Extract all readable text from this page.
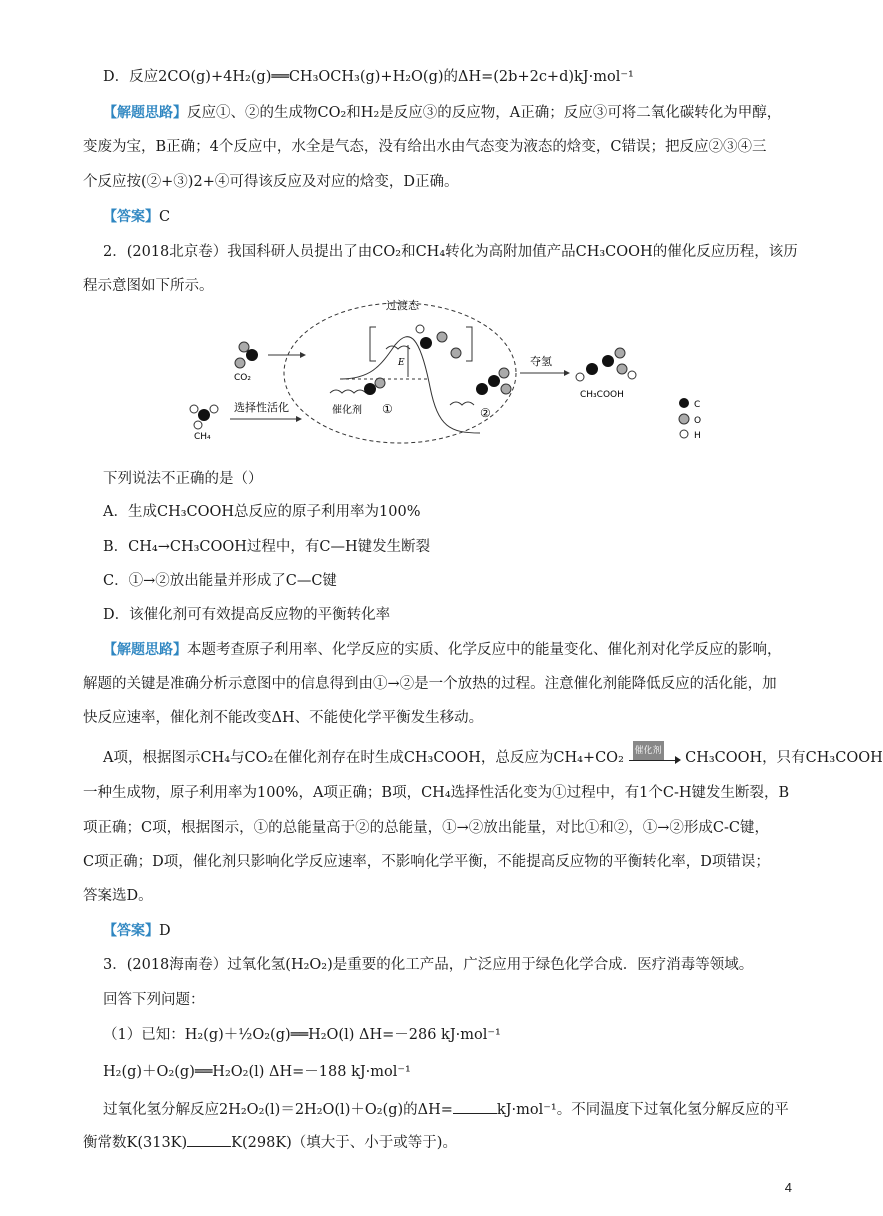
D．反应2CO(g)+4H₂(g)══CH₃OCH₃(g)+H₂O(g)的ΔH=(2b+2c+d)kJ·mol⁻¹
【解题思路】反应①、②的生成物CO₂和H₂是反应③的反应物，A正确；反应③可将二氧化碳转化为甲醇，
变废为宝，B正确；4个反应中，水全是气态，没有给出水由气态变为液态的焓变，C错误；把反应②③④三
个反应按(②+③)2+④可得该反应及对应的焓变，D正确。
【答案】C
2．(2018北京卷）我国科研人员提出了由CO₂和CH₄转化为高附加值产品CH₃COOH的催化反应历程，该历
程示意图如下所示。
过渡态
CO₂
CH₄
选择性活化
E
催化剂 ①	②
夺氢
CH₃COOH
C
O
H
下列说法不正确的是（）
A．生成CH₃COOH总反应的原子利用率为100%
B．CH₄→CH₃COOH过程中，有C—H键发生断裂
C．①→②放出能量并形成了C—C键
D．该催化剂可有效提高反应物的平衡转化率
【解题思路】本题考查原子利用率、化学反应的实质、化学反应中的能量变化、催化剂对化学反应的影响，
解题的关键是准确分析示意图中的信息得到由①→②是一个放热的过程。注意催化剂能降低反应的活化能，加
快反应速率，催化剂不能改变ΔH、不能使化学平衡发生移动。
A项，根据图示CH₄与CO₂在催化剂存在时生成CH₃COOH，总反应为CH₄+CO₂ 催化剂 CH₃COOH，只有CH₃COOH
一种生成物，原子利用率为100%，A项正确；B项，CH₄选择性活化变为①过程中，有1个C-H键发生断裂，B
项正确；C项，根据图示，①的总能量高于②的总能量，①→②放出能量，对比①和②，①→②形成C-C键，
C项正确；D项，催化剂只影响化学反应速率，不影响化学平衡，不能提高反应物的平衡转化率，D项错误；
答案选D。
【答案】D
3．(2018海南卷）过氧化氢(H₂O₂)是重要的化工产品，广泛应用于绿色化学合成．医疗消毒等领域。
回答下列问题：
（1）已知：H₂(g)＋½O₂(g)══H₂O(l) ΔH=－286 kJ·mol⁻¹
H₂(g)＋O₂(g)══H₂O₂(l) ΔH=－188 kJ·mol⁻¹
过氧化氢分解反应2H₂O₂(l)＝2H₂O(l)＋O₂(g)的ΔH=	kJ·mol⁻¹。不同温度下过氧化氢分解反应的平
衡常数K(313K)	K(298K)（填大于、小于或等于)。
4
